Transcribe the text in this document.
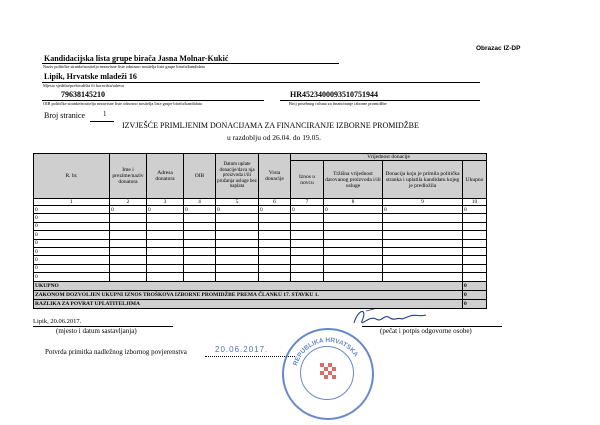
Obrazac IZ-DP
Kandidacijska lista grupe birača Jasna Molnar-Kukić
Naziv političke stranke/nositelja nezavisne liste odnosno nositelja liste grupe birača/kandidata
Lipik, Hrvatske mladeži 16
Mjesto sjedišta/prebivališta ili boravišta/adresa
79638145210
OIB političke stranke/nositelja nezavisne liste odnosno nositelja liste grupe birača/kandidata
HR4523400093510751944
Broj posebnog računa za financiranje izborne promidžbe
Broj stranice	1
IZVJEŠĆE PRIMLJENIM DONACIJAMA ZA FINANCIRANJE IZBORNE PROMIDŽBE
u razdoblju od 26.04. do 19.05.
R. br.	Ime i prezime/naziv donatora	Adresa donatora	OIB	Datum uplate donacije/dava nja proizvoda i/ili pružanja usluge bez naplata	Vrsta donacije	Vrijednost donacije			
						Iznos u novcu	Tržišna vrijednost darovanog proizvoda i/ili usluge	Donacija koju je primila politička stranka i uplatila kandidatu kojeg je predložila	Ukupno
1	2	3	4	5	6	7	8	9	10
0	0	0	0	0	0	0	0	0	0
0									
0									
0									
0									
0									
0									
0									
0									
UKUPNO									0
ZAKONOM DOZVOLJEN UKUPNI IZNOS TROŠKOVA IZBORNE PROMIDŽBE PREMA ČLANKU 17. STAVKU 1.									0
RAZLIKA ZA POVRAT UPLATITELJIMA									0
Lipik, 20.06.2017.
(mjesto i datum sastavljanja)	(pečat i potpis odgovorne osobe)
Potvrda primitka nadležnog izbornog povjerenstva	20.06.2017.
REPUBLIKA HRVATSKA
